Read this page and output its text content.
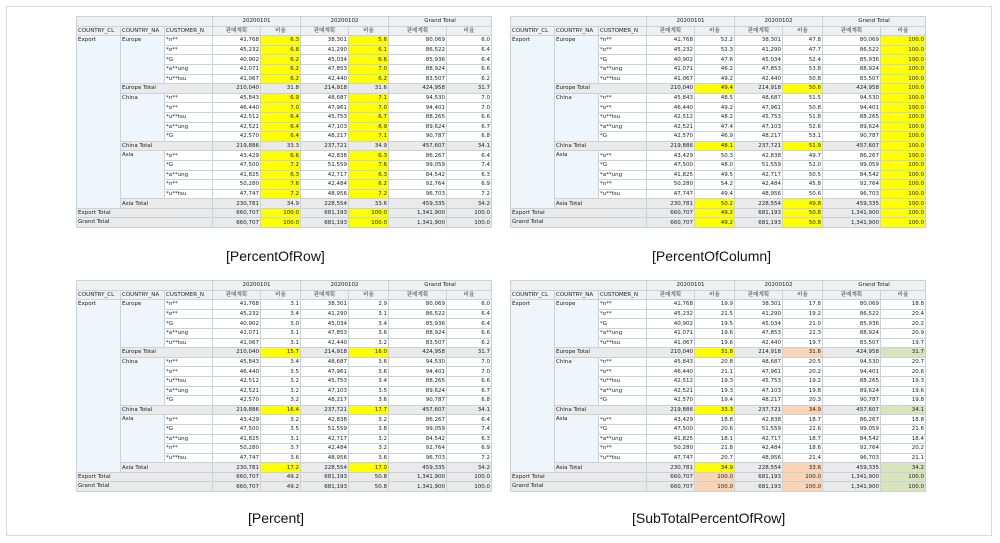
			20200101		20200102		Grand Total	
COUNTRY_CL	COUNTRY_NA	CUSTOMER_N	판매계획	비율	판매계획	비율	판매계획	비율
Export	Europe	*n**	41,768	6.3	38,301	5.6	80,069	6.0
		*o**	45,232	6.8	41,290	6.1	86,522	6.4
		*G	40,902	6.2	45,034	6.6	85,936	6.4
		*a**ung	41,071	6.2	47,853	7.0	88,924	6.6
		*u**tsu	41,067	6.2	42,440	6.2	83,507	6.2
	Europe Total		210,040	31.8	214,918	31.6	424,958	31.7
	China	*n**	45,843	6.9	48,687	7.1	94,530	7.0
		*o**	46,440	7.0	47,961	7.0	94,401	7.0
		*u**tsu	42,512	6.4	45,753	6.7	88,265	6.6
		*a**ung	42,521	6.4	47,103	6.9	89,624	6.7
		*G	42,570	6.4	48,217	7.1	90,787	6.8
	China Total		219,886	33.3	237,721	34.9	457,607	34.1
	Asia	*o**	43,429	6.6	42,838	6.3	86,267	6.4
		*G	47,500	7.2	51,559	7.6	99,059	7.4
		*a**ung	41,825	6.3	42,717	6.3	84,542	6.3
		*n**	50,280	7.6	42,484	6.2	92,764	6.9
		*u**tsu	47,747	7.2	48,956	7.2	96,703	7.2
	Asia Total		230,781	34.9	228,554	33.6	459,335	34.2
Export Total			660,707	100.0	681,193	100.0	1,341,900	100.0
Grand Total			660,707	100.0	681,193	100.0	1,341,900	100.0
[PercentOfRow]
			20200101		20200102		Grand Total	
COUNTRY_CL	COUNTRY_NA	CUSTOMER_N	판매계획	비율	판매계획	비율	판매계획	비율
Export	Europe	*n**	41,768	52.2	38,301	47.8	80,069	100.0
		*o**	45,232	52.3	41,290	47.7	86,522	100.0
		*G	40,902	47.6	45,034	52.4	85,936	100.0
		*a**ung	41,071	46.2	47,853	53.8	88,924	100.0
		*u**tsu	41,067	49.2	42,440	50.8	83,507	100.0
	Europe Total		210,040	49.4	214,918	50.6	424,958	100.0
	China	*n**	45,843	48.5	48,687	51.5	94,530	100.0
		*o**	46,440	49.2	47,961	50.8	94,401	100.0
		*u**tsu	42,512	48.2	45,753	51.8	88,265	100.0
		*a**ung	42,521	47.4	47,103	52.6	89,624	100.0
		*G	42,570	46.9	48,217	53.1	90,787	100.0
	China Total		219,886	48.1	237,721	51.9	457,607	100.0
	Asia	*o**	43,429	50.3	42,838	49.7	86,267	100.0
		*G	47,500	48.0	51,559	52.0	99,059	100.0
		*a**ung	41,825	49.5	42,717	50.5	84,542	100.0
		*n**	50,280	54.2	42,484	45.8	92,764	100.0
		*u**tsu	47,747	49.4	48,956	50.6	96,703	100.0
	Asia Total		230,781	50.2	228,554	49.8	459,335	100.0
Export Total			660,707	49.2	681,193	50.8	1,341,900	100.0
Grand Total			660,707	49.2	681,193	50.8	1,341,900	100.0
[PercentOfColumn]
			20200101		20200102		Grand Total	
COUNTRY_CL	COUNTRY_NA	CUSTOMER_N	판매계획	비율	판매계획	비율	판매계획	비율
Export	Europe	*n**	41,768	3.1	38,301	2.9	80,069	6.0
		*o**	45,232	3.4	41,290	3.1	86,522	6.4
		*G	40,902	3.0	45,034	3.4	85,936	6.4
		*a**ung	41,071	3.1	47,853	3.6	88,924	6.6
		*u**tsu	41,067	3.1	42,440	3.2	83,507	6.2
	Europe Total		210,040	15.7	214,918	16.0	424,958	31.7
	China	*n**	45,843	3.4	48,687	3.6	94,530	7.0
		*o**	46,440	3.5	47,961	3.6	94,401	7.0
		*u**tsu	42,512	3.2	45,753	3.4	88,265	6.6
		*a**ung	42,521	3.2	47,103	3.5	89,624	6.7
		*G	42,570	3.2	48,217	3.6	90,787	6.8
	China Total		219,886	16.4	237,721	17.7	457,607	34.1
	Asia	*o**	43,429	3.2	42,838	3.2	86,267	6.4
		*G	47,500	3.5	51,559	3.8	99,059	7.4
		*a**ung	41,825	3.1	42,717	3.2	84,542	6.3
		*n**	50,280	3.7	42,484	3.2	92,764	6.9
		*u**tsu	47,747	3.6	48,956	3.6	96,703	7.2
	Asia Total		230,781	17.2	228,554	17.0	459,335	34.2
Export Total			660,707	49.2	681,193	50.8	1,341,900	100.0
Grand Total			660,707	49.2	681,193	50.8	1,341,900	100.0
[Percent]
			20200101		20200102		Grand Total	
COUNTRY_CL	COUNTRY_NA	CUSTOMER_N	판매계획	비율	판매계획	비율	판매계획	비율
Export	Europe	*n**	41,768	19.9	38,301	17.8	80,069	18.8
		*o**	45,232	21.5	41,290	19.2	86,522	20.4
		*G	40,902	19.5	45,034	21.0	85,936	20.2
		*a**ung	41,071	19.6	47,853	22.3	88,924	20.9
		*u**tsu	41,067	19.6	42,440	19.7	83,507	19.7
	Europe Total		210,040	31.8	214,918	31.6	424,958	31.7
	China	*n**	45,843	20.8	48,687	20.5	94,530	20.7
		*o**	46,440	21.1	47,961	20.2	94,401	20.6
		*u**tsu	42,512	19.3	45,753	19.2	88,265	19.3
		*a**ung	42,521	19.3	47,103	19.8	89,624	19.6
		*G	42,570	19.4	48,217	20.3	90,787	19.8
	China Total		219,886	33.3	237,721	34.9	457,607	34.1
	Asia	*o**	43,429	18.8	42,838	18.7	86,267	18.8
		*G	47,500	20.6	51,559	22.6	99,059	21.6
		*a**ung	41,825	18.1	42,717	18.7	84,542	18.4
		*n**	50,280	21.8	42,484	18.6	92,764	20.2
		*u**tsu	47,747	20.7	48,956	21.4	96,703	21.1
	Asia Total		230,781	34.9	228,554	33.6	459,335	34.2
Export Total			660,707	100.0	681,193	100.0	1,341,900	100.0
Grand Total			660,707	100.0	681,193	100.0	1,341,900	100.0
[SubTotalPercentOfRow]
